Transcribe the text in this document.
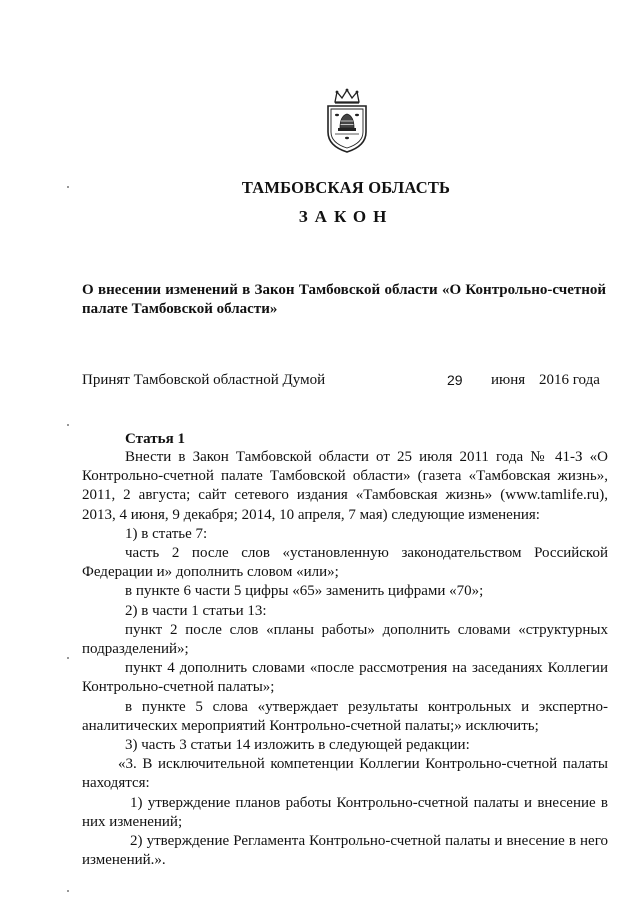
ТАМБОВСКАЯ ОБЛАСТЬ
ЗАКОН
О внесении изменений в Закон Тамбовской области «О Контрольно-счетной палате Тамбовской области»
Принят Тамбовской областной Думой	29 июня 2016 года
Статья 1

Внести в Закон Тамбовской области от 25 июля 2011 года № 41-З «О Контрольно-счетной палате Тамбовской области» (газета «Тамбовская жизнь», 2011, 2 августа; сайт сетевого издания «Тамбовская жизнь» (www.tamlife.ru), 2013, 4 июня, 9 декабря; 2014, 10 апреля, 7 мая) следующие изменения:

1) в статье 7:

часть 2 после слов «установленную законодательством Российской Федерации и» дополнить словом «или»;

в пункте 6 части 5 цифры «65» заменить цифрами «70»;

2) в части 1 статьи 13:

пункт 2 после слов «планы работы» дополнить словами «структурных подразделений»;

пункт 4 дополнить словами «после рассмотрения на заседаниях Коллегии Контрольно-счетной палаты»;

в пункте 5 слова «утверждает результаты контрольных и экспертно-аналитических мероприятий Контрольно-счетной палаты;» исключить;

3) часть 3 статьи 14 изложить в следующей редакции:

«3. В исключительной компетенции Коллегии Контрольно-счетной палаты находятся:

1) утверждение планов работы Контрольно-счетной палаты и внесение в них изменений;

2) утверждение Регламента Контрольно-счетной палаты и внесение в него изменений.».
